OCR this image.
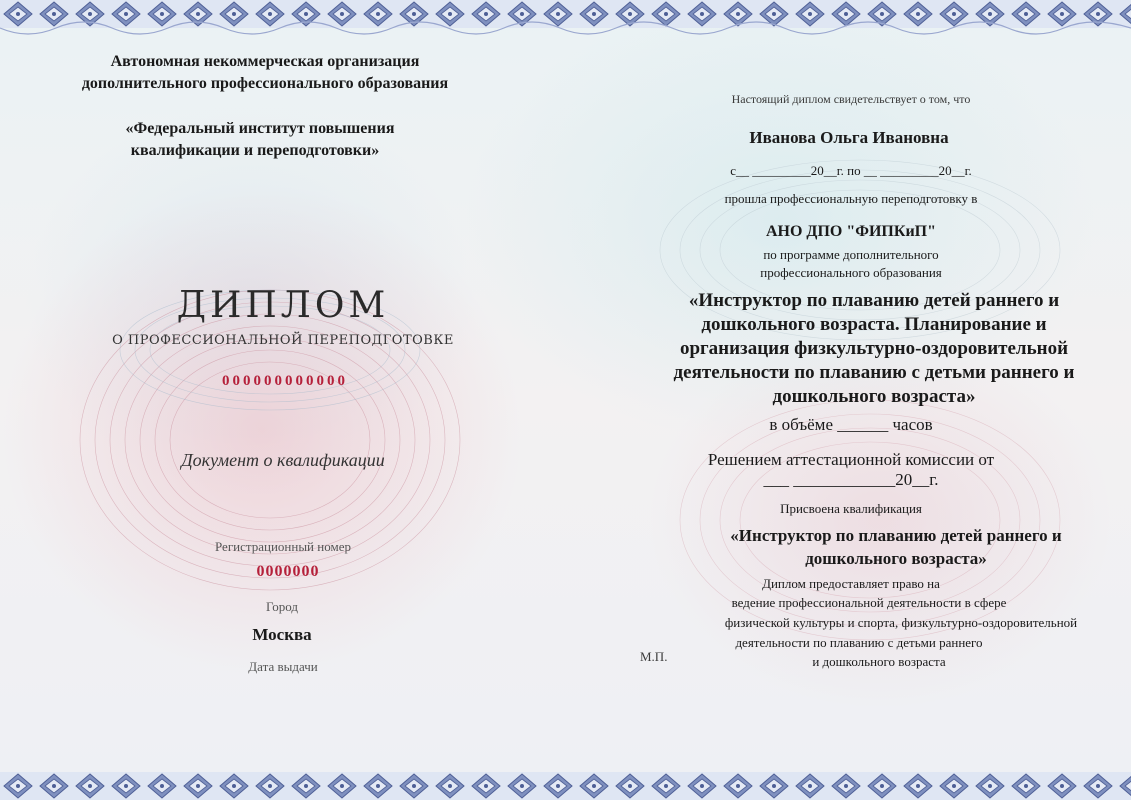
Автономная некоммерческая организация
дополнительного профессионального образования
«Федеральный институт повышения
квалификации и переподготовки»
ДИПЛОМ
О ПРОФЕССИОНАЛЬНОЙ ПЕРЕПОДГОТОВКЕ
000000000000
Документ о квалификации
Регистрационный номер
0000000
Город
Москва
Дата выдачи
Настоящий диплом свидетельствует о том, что
Иванова Ольга Ивановна
с__ _________20__г. по __ _________20__г.
прошла профессиональную переподготовку в
АНО ДПО "ФИПКиП"
по программе дополнительного
профессионального образования
«Инструктор по плаванию детей раннего и
дошкольного возраста. Планирование и
организация физкультурно-оздоровительной
деятельности по плаванию с детьми раннего и
дошкольного возраста»
в объёме ______ часов
Решением аттестационной комиссии от
___ ____________20__г.
Присвоена квалификация
«Инструктор по плаванию детей раннего и
дошкольного возраста»
Диплом предоставляет право на
ведение профессиональной деятельности в сфере
физической культуры и спорта, физкультурно-оздоровительной
деятельности по плаванию с детьми раннего
и дошкольного возраста
М.П.
